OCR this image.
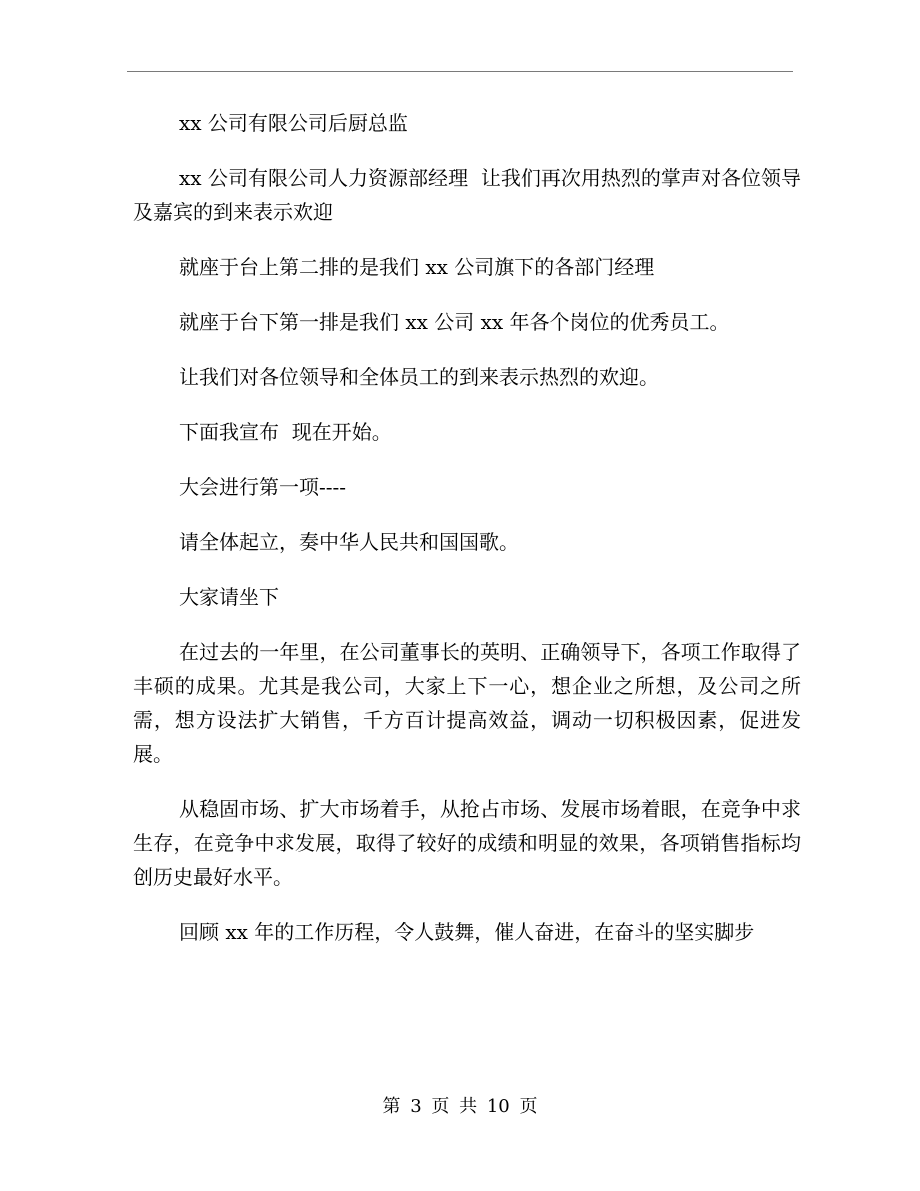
xx 公司有限公司后厨总监

xx 公司有限公司人力资源部经理  让我们再次用热烈的掌声对各位领导及嘉宾的到来表示欢迎

就座于台上第二排的是我们 xx 公司旗下的各部门经理

就座于台下第一排是我们 xx 公司 xx 年各个岗位的优秀员工。

让我们对各位领导和全体员工的到来表示热烈的欢迎。

下面我宣布  现在开始。

大会进行第一项----

请全体起立，奏中华人民共和国国歌。

大家请坐下

在过去的一年里，在公司董事长的英明、正确领导下，各项工作取得了丰硕的成果。尤其是我公司，大家上下一心，想企业之所想，及公司之所需，想方设法扩大销售，千方百计提高效益，调动一切积极因素，促进发展。

从稳固市场、扩大市场着手，从抢占市场、发展市场着眼，在竞争中求生存，在竞争中求发展，取得了较好的成绩和明显的效果，各项销售指标均创历史最好水平。

回顾 xx 年的工作历程，令人鼓舞，催人奋进，在奋斗的坚实脚步

第 3 页 共 10 页
